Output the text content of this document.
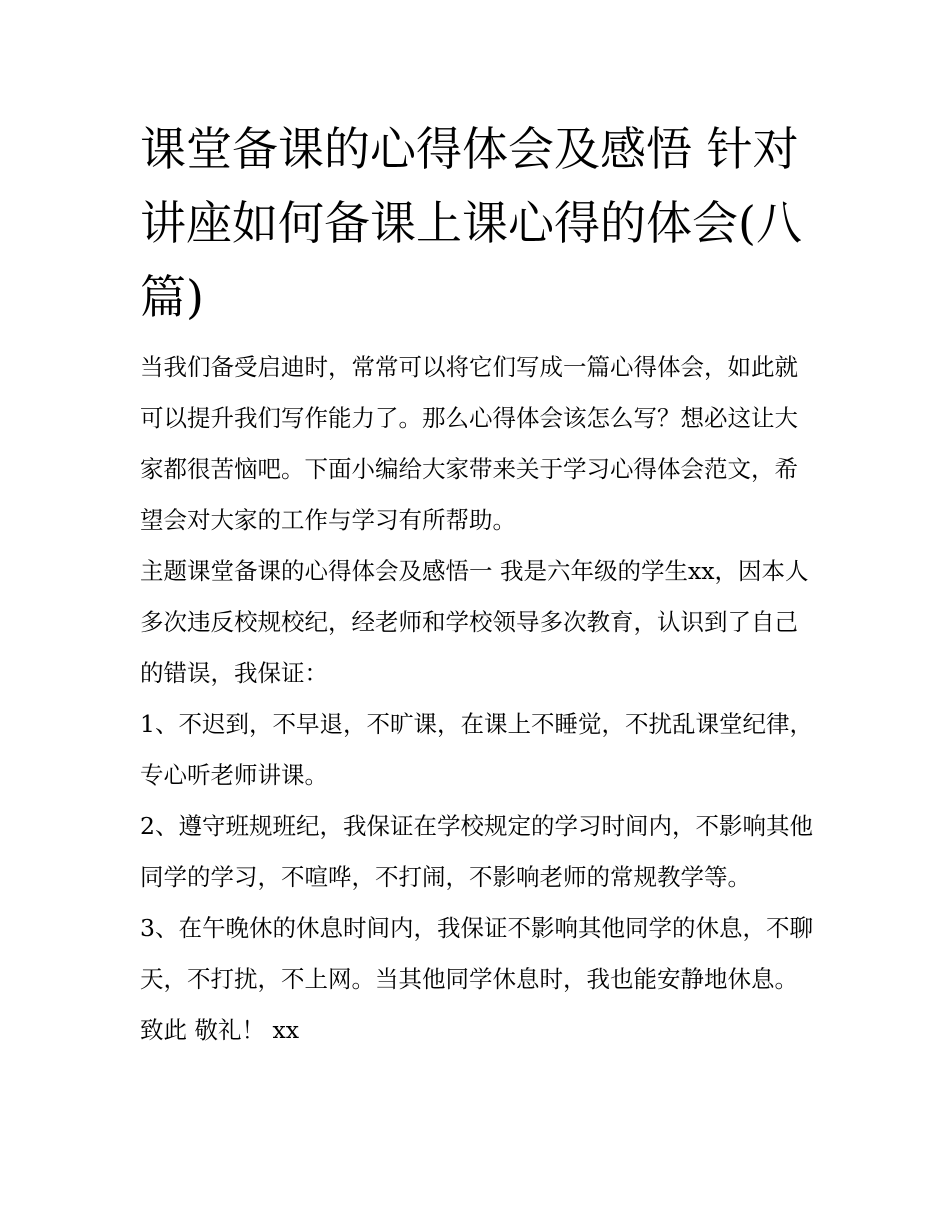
课堂备课的心得体会及感悟 针对讲座如何备课上课心得的体会(八篇)

当我们备受启迪时，常常可以将它们写成一篇心得体会，如此就可以提升我们写作能力了。那么心得体会该怎么写？想必这让大家都很苦恼吧。下面小编给大家带来关于学习心得体会范文，希望会对大家的工作与学习有所帮助。

主题课堂备课的心得体会及感悟一 我是六年级的学生xx，因本人多次违反校规校纪，经老师和学校领导多次教育，认识到了自己的错误，我保证：

1、不迟到，不早退，不旷课，在课上不睡觉，不扰乱课堂纪律，专心听老师讲课。

2、遵守班规班纪，我保证在学校规定的学习时间内，不影响其他同学的学习，不喧哗，不打闹，不影响老师的常规教学等。

3、在午晚休的休息时间内，我保证不影响其他同学的休息，不聊天，不打扰，不上网。当其他同学休息时，我也能安静地休息。 致此 敬礼！ xx
